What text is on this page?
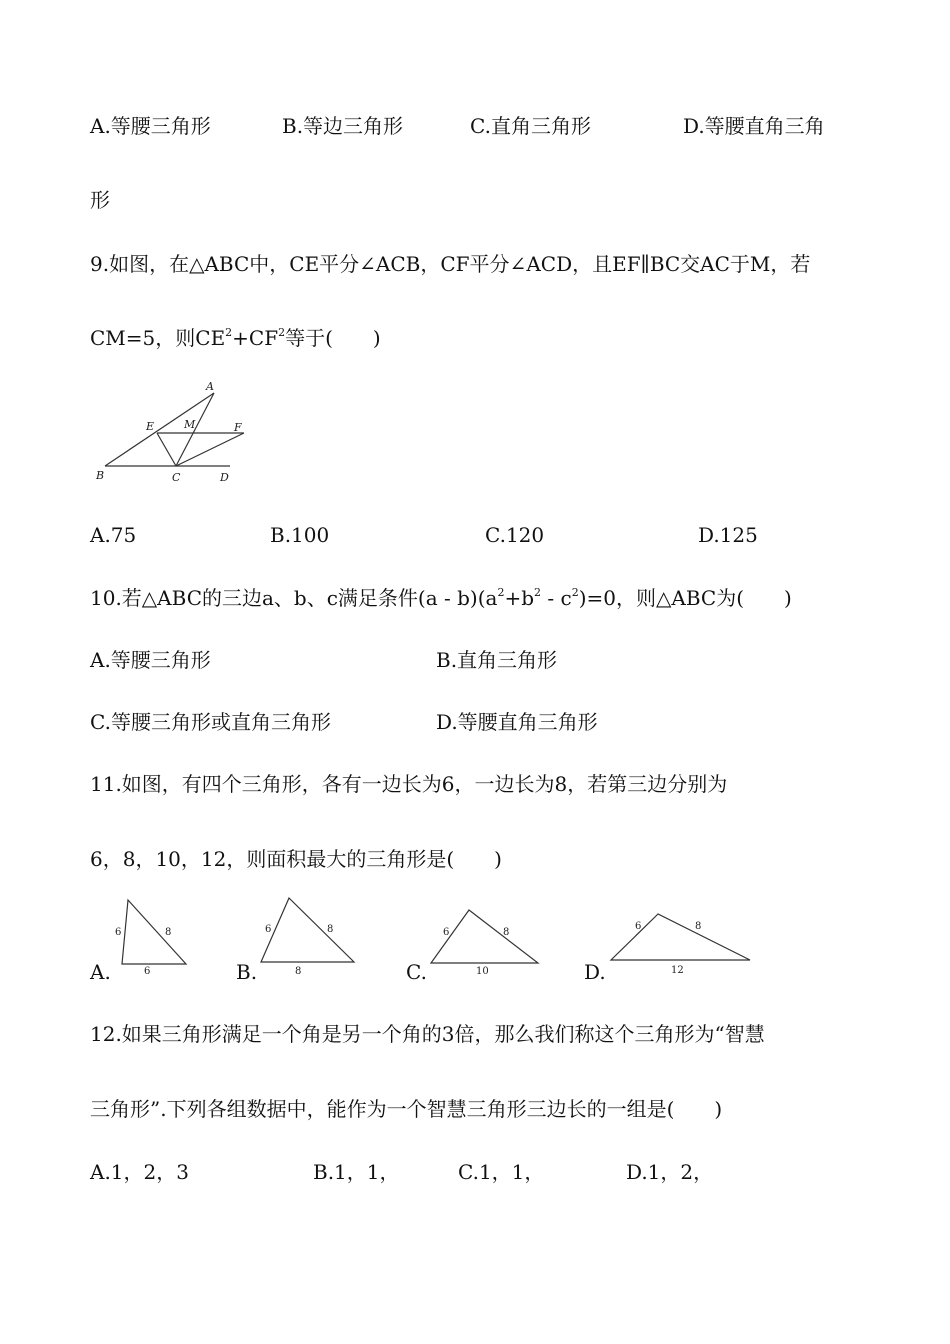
A.等腰三角形	B.等边三角形	C.直角三角形	D.等腰直角三角
形
9.如图，在△ABC中，CE平分∠ACB，CF平分∠ACD，且EF∥BC交AC于M，若
CM=5，则$CE^2+CF^2$等于(　　)
A
E	M	F
B	C	D
A.75	B.100	C.120	D.125
10.若△ABC的三边a、b、c满足条件$(a - b)(a^2+b^2 - c^2)=0$，则△ABC为(　　)
A.等腰三角形	B.直角三角形
C.等腰三角形或直角三角形	D.等腰直角三角形
11.如图，有四个三角形，各有一边长为6，一边长为8，若第三边分别为
6，8，10，12，则面积最大的三角形是(　　)
A.	B.	C.	D.
6	8
6
6	8
8
6	8
10
6	8
12
12.如果三角形满足一个角是另一个角的3倍，那么我们称这个三角形为“智慧
三角形”.下列各组数据中，能作为一个智慧三角形三边长的一组是(　　)
A.1，2，3	B.1，1，	C.1，1，	D.1，2，
